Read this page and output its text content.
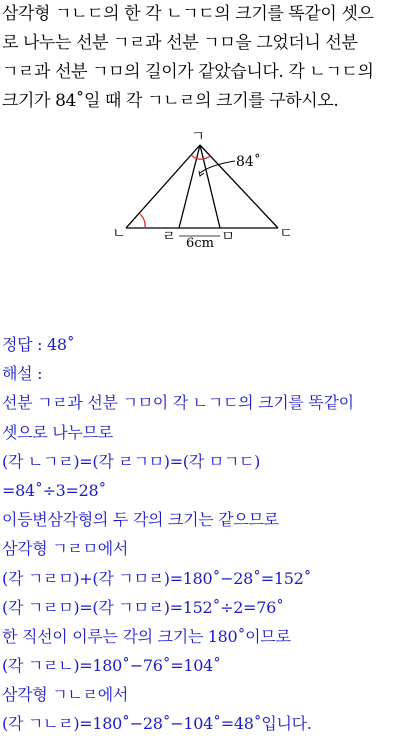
삼각형 ㄱㄴㄷ의 한 각 ㄴㄱㄷ의 크기를 똑같이 셋으
로 나누는 선분 ㄱㄹ과 선분 ㄱㅁ을 그었더니 선분
ㄱㄹ과 선분 ㄱㅁ의 길이가 같았습니다. 각 ㄴㄱㄷ의
크기가 84˚일 때 각 ㄱㄴㄹ의 크기를 구하시오.
ㄱ
ㄴ	ㄷ
ㄹ	ㅁ
84˚
6cm
정답 : 48˚
해설 :
선분 ㄱㄹ과 선분 ㄱㅁ이 각 ㄴㄱㄷ의 크기를 똑같이
셋으로 나누므로
(각 ㄴㄱㄹ)=(각 ㄹㄱㅁ)=(각 ㅁㄱㄷ)
=84˚÷3=28˚
이등변삼각형의 두 각의 크기는 같으므로
삼각형 ㄱㄹㅁ에서
(각 ㄱㄹㅁ)+(각 ㄱㅁㄹ)=180˚−28˚=152˚
(각 ㄱㄹㅁ)=(각 ㄱㅁㄹ)=152˚÷2=76˚
한 직선이 이루는 각의 크기는 180˚이므로
(각 ㄱㄹㄴ)=180˚−76˚=104˚
삼각형 ㄱㄴㄹ에서
(각 ㄱㄴㄹ)=180˚−28˚−104˚=48˚입니다.
